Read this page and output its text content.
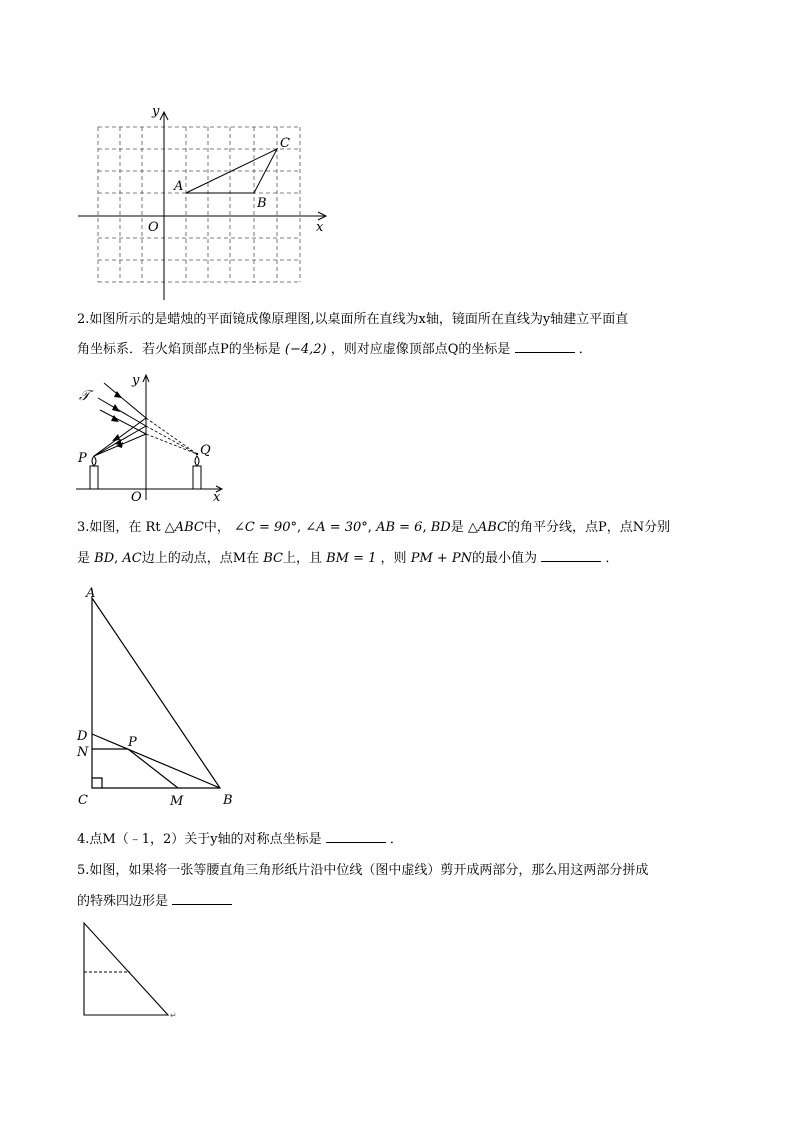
y
x
O
A
B
C
2.如图所示的是蜡烛的平面镜成像原理图,以桌面所在直线为x轴，镜面所在直线为y轴建立平面直
角坐标系．若火焰顶部点P的坐标是 (−4,2) ，则对应虚像顶部点Q的坐标是	．
y
x
O
P
Q
𝒯
3.如图，在 Rt △ABC中， ∠C = 90°, ∠A = 30°, AB = 6, BD是 △ABC的角平分线，点P，点N分别
是 BD, AC边上的动点，点M在 BC上，且 BM = 1 ，则 PM + PN的最小值为	．
A
B
C
D
N
P
M
4.点M（﹣1，2）关于y轴的对称点坐标是	．
5.如图，如果将一张等腰直角三角形纸片沿中位线（图中虚线）剪开成两部分，那么用这两部分拼成
的特殊四边形是
↵
